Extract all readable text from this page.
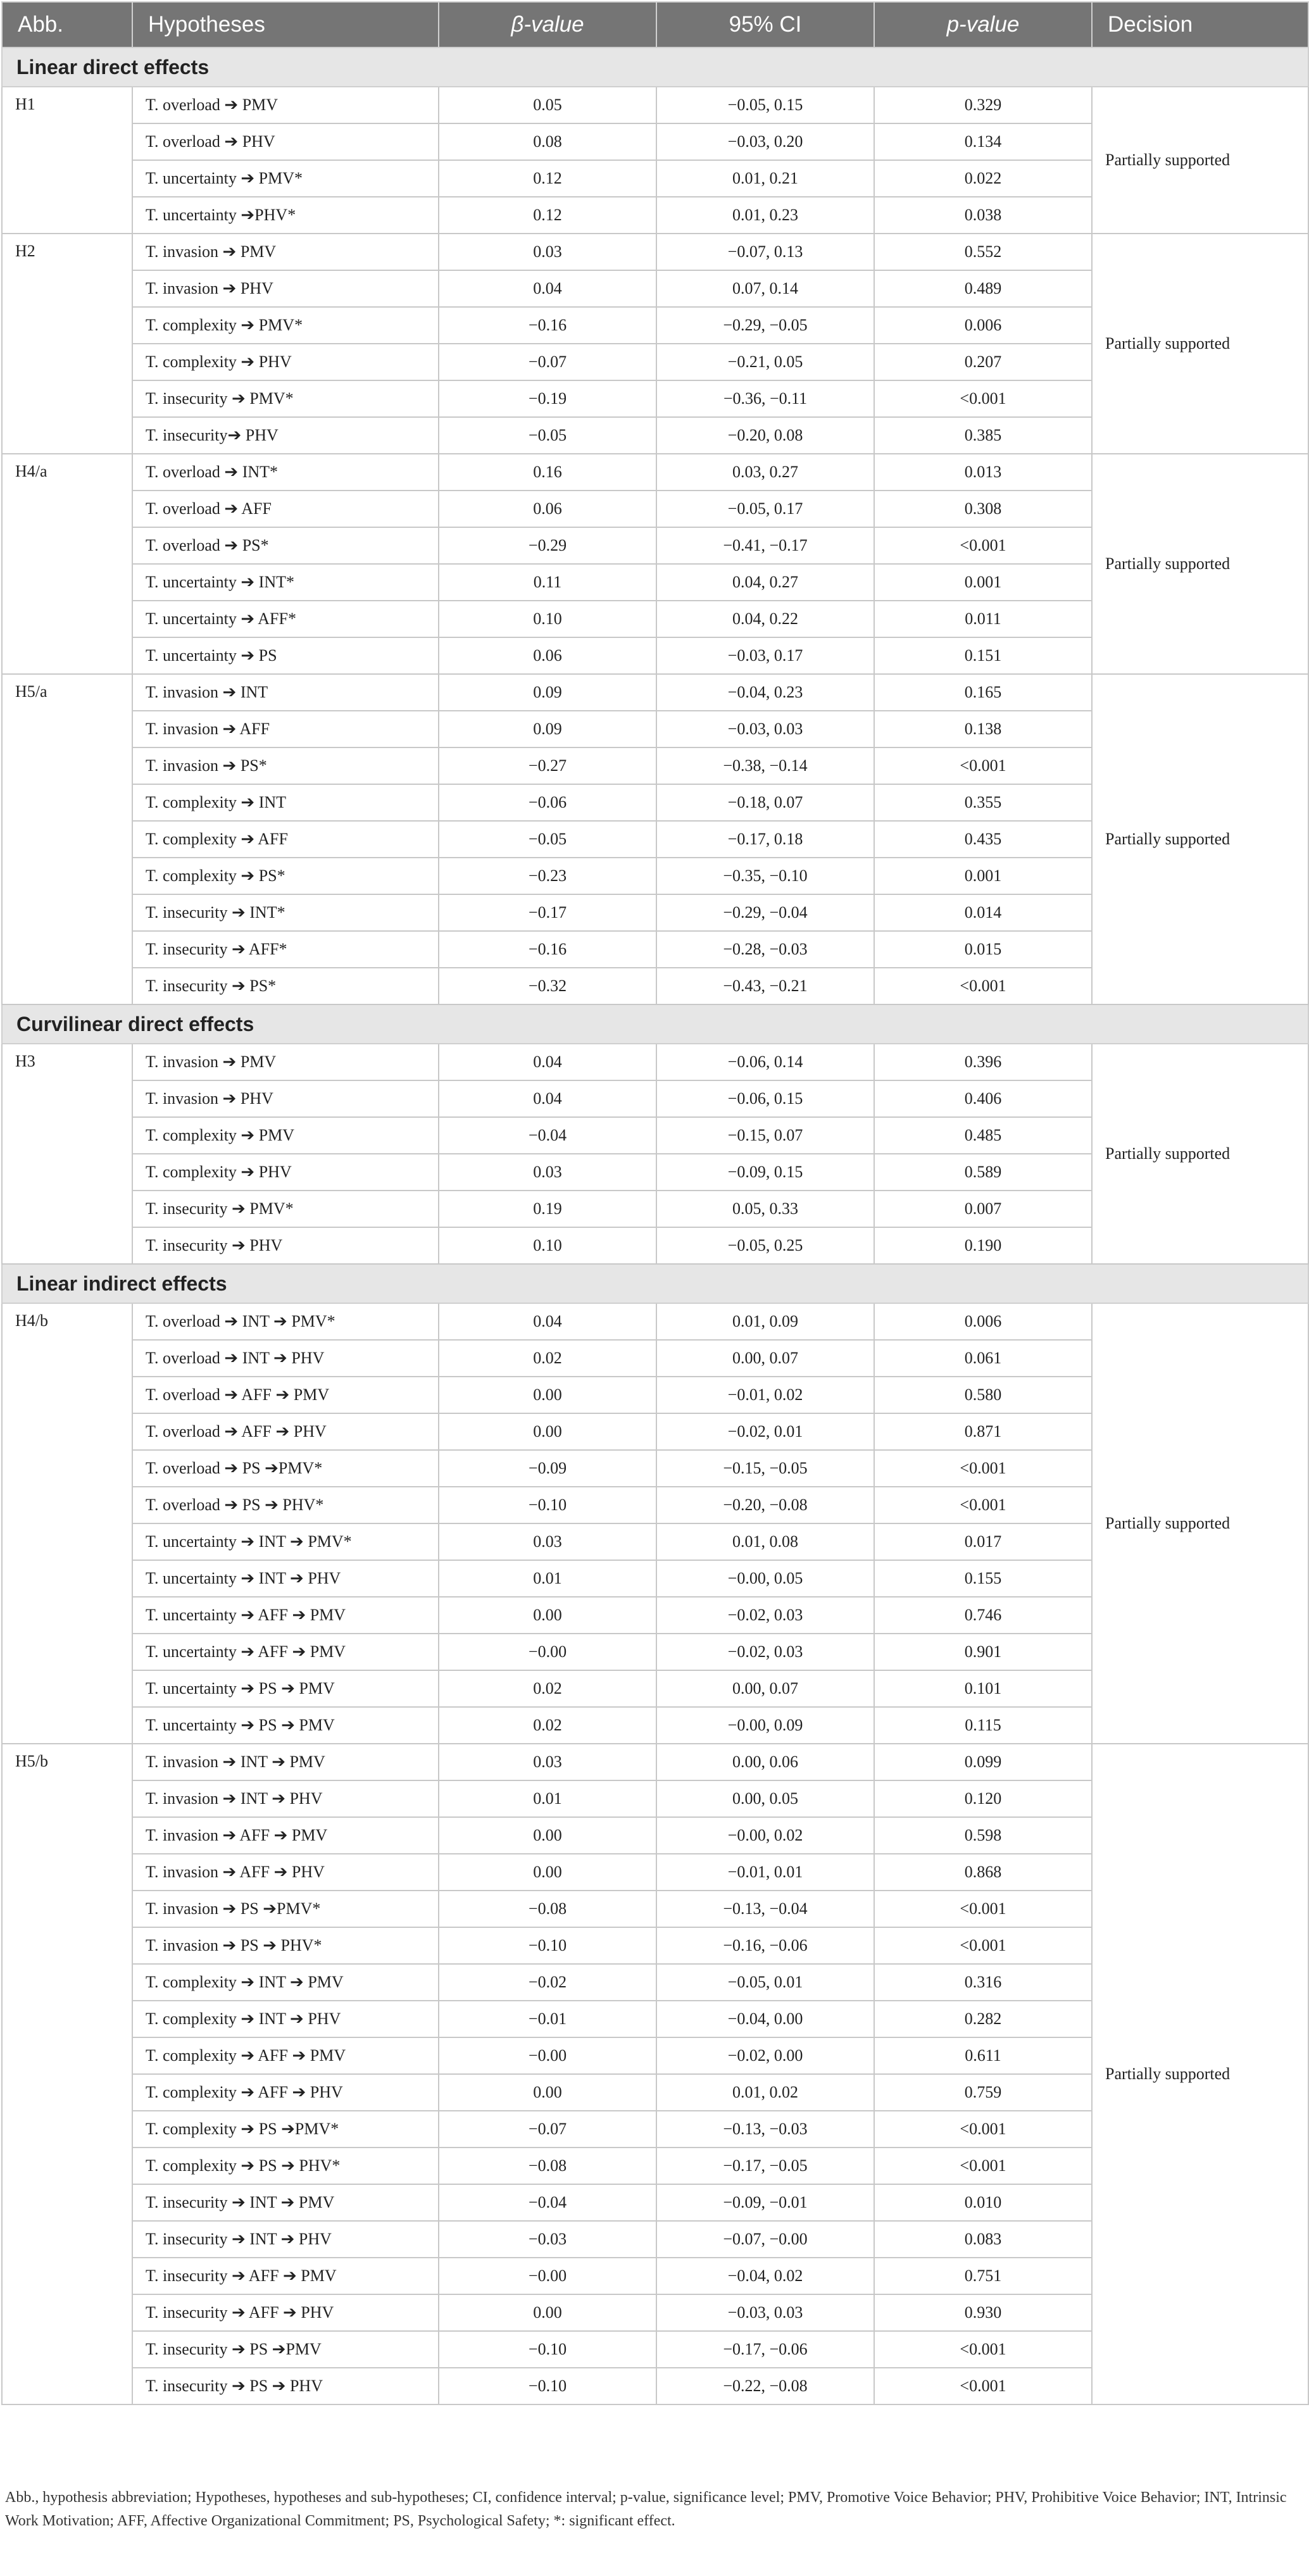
Abb.	Hypotheses	β-value	95% CI	p-value	Decision
Linear direct effects					
H1	T. overload ➔ PMV	0.05	−0.05, 0.15	0.329	Partially supported
	T. overload ➔ PHV	0.08	−0.03, 0.20	0.134	
	T. uncertainty ➔ PMV*	0.12	0.01, 0.21	0.022	
	T. uncertainty ➔PHV*	0.12	0.01, 0.23	0.038	
H2	T. invasion ➔ PMV	0.03	−0.07, 0.13	0.552	Partially supported
	T. invasion ➔ PHV	0.04	0.07, 0.14	0.489	
	T. complexity ➔ PMV*	−0.16	−0.29, −0.05	0.006	
	T. complexity ➔ PHV	−0.07	−0.21, 0.05	0.207	
	T. insecurity ➔ PMV*	−0.19	−0.36, −0.11	<0.001	
	T. insecurity➔ PHV	−0.05	−0.20, 0.08	0.385	
H4/a	T. overload ➔ INT*	0.16	0.03, 0.27	0.013	Partially supported
	T. overload ➔ AFF	0.06	−0.05, 0.17	0.308	
	T. overload ➔ PS*	−0.29	−0.41, −0.17	<0.001	
	T. uncertainty ➔ INT*	0.11	0.04, 0.27	0.001	
	T. uncertainty ➔ AFF*	0.10	0.04, 0.22	0.011	
	T. uncertainty ➔ PS	0.06	−0.03, 0.17	0.151	
H5/a	T. invasion ➔ INT	0.09	−0.04, 0.23	0.165	Partially supported
	T. invasion ➔ AFF	0.09	−0.03, 0.03	0.138	
	T. invasion ➔ PS*	−0.27	−0.38, −0.14	<0.001	
	T. complexity ➔ INT	−0.06	−0.18, 0.07	0.355	
	T. complexity ➔ AFF	−0.05	−0.17, 0.18	0.435	
	T. complexity ➔ PS*	−0.23	−0.35, −0.10	0.001	
	T. insecurity ➔ INT*	−0.17	−0.29, −0.04	0.014	
	T. insecurity ➔ AFF*	−0.16	−0.28, −0.03	0.015	
	T. insecurity ➔ PS*	−0.32	−0.43, −0.21	<0.001	
Curvilinear direct effects					
H3	T. invasion ➔ PMV	0.04	−0.06, 0.14	0.396	Partially supported
	T. invasion ➔ PHV	0.04	−0.06, 0.15	0.406	
	T. complexity ➔ PMV	−0.04	−0.15, 0.07	0.485	
	T. complexity ➔ PHV	0.03	−0.09, 0.15	0.589	
	T. insecurity ➔ PMV*	0.19	0.05, 0.33	0.007	
	T. insecurity ➔ PHV	0.10	−0.05, 0.25	0.190	
Linear indirect effects					
H4/b	T. overload ➔ INT ➔ PMV*	0.04	0.01, 0.09	0.006	Partially supported
	T. overload ➔ INT ➔ PHV	0.02	0.00, 0.07	0.061	
	T. overload ➔ AFF ➔ PMV	0.00	−0.01, 0.02	0.580	
	T. overload ➔ AFF ➔ PHV	0.00	−0.02, 0.01	0.871	
	T. overload ➔ PS ➔PMV*	−0.09	−0.15, −0.05	<0.001	
	T. overload ➔ PS ➔ PHV*	−0.10	−0.20, −0.08	<0.001	
	T. uncertainty ➔ INT ➔ PMV*	0.03	0.01, 0.08	0.017	
	T. uncertainty ➔ INT ➔ PHV	0.01	−0.00, 0.05	0.155	
	T. uncertainty ➔ AFF ➔ PMV	0.00	−0.02, 0.03	0.746	
	T. uncertainty ➔ AFF ➔ PMV	−0.00	−0.02, 0.03	0.901	
	T. uncertainty ➔ PS ➔ PMV	0.02	0.00, 0.07	0.101	
	T. uncertainty ➔ PS ➔ PMV	0.02	−0.00, 0.09	0.115	
H5/b	T. invasion ➔ INT ➔ PMV	0.03	0.00, 0.06	0.099	Partially supported
	T. invasion ➔ INT ➔ PHV	0.01	0.00, 0.05	0.120	
	T. invasion ➔ AFF ➔ PMV	0.00	−0.00, 0.02	0.598	
	T. invasion ➔ AFF ➔ PHV	0.00	−0.01, 0.01	0.868	
	T. invasion ➔ PS ➔PMV*	−0.08	−0.13, −0.04	<0.001	
	T. invasion ➔ PS ➔ PHV*	−0.10	−0.16, −0.06	<0.001	
	T. complexity ➔ INT ➔ PMV	−0.02	−0.05, 0.01	0.316	
	T. complexity ➔ INT ➔ PHV	−0.01	−0.04, 0.00	0.282	
	T. complexity ➔ AFF ➔ PMV	−0.00	−0.02, 0.00	0.611	
	T. complexity ➔ AFF ➔ PHV	0.00	0.01, 0.02	0.759	
	T. complexity ➔ PS ➔PMV*	−0.07	−0.13, −0.03	<0.001	
	T. complexity ➔ PS ➔ PHV*	−0.08	−0.17, −0.05	<0.001	
	T. insecurity ➔ INT ➔ PMV	−0.04	−0.09, −0.01	0.010	
	T. insecurity ➔ INT ➔ PHV	−0.03	−0.07, −0.00	0.083	
	T. insecurity ➔ AFF ➔ PMV	−0.00	−0.04, 0.02	0.751	
	T. insecurity ➔ AFF ➔ PHV	0.00	−0.03, 0.03	0.930	
	T. insecurity ➔ PS ➔PMV	−0.10	−0.17, −0.06	<0.001	
	T. insecurity ➔ PS ➔ PHV	−0.10	−0.22, −0.08	<0.001	
Abb., hypothesis abbreviation; Hypotheses, hypotheses and sub-hypotheses; CI, confidence interval; p-value, significance level; PMV, Promotive Voice Behavior; PHV, Prohibitive Voice Behavior; INT, Intrinsic Work Motivation; AFF, Affective Organizational Commitment; PS, Psychological Safety; *: significant effect.
